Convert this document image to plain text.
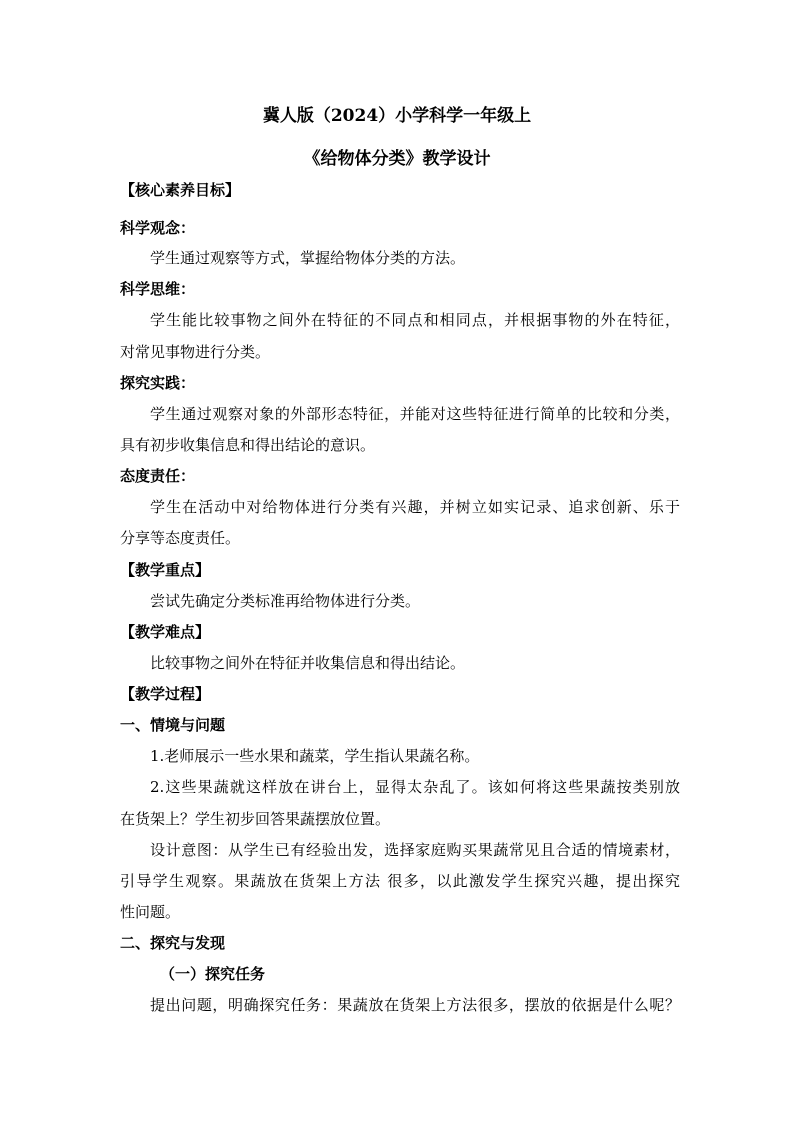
冀人版（2024）小学科学一年级上
《给物体分类》教学设计
【核心素养目标】
科学观念：
学生通过观察等方式，掌握给物体分类的方法。
科学思维：
学生能比较事物之间外在特征的不同点和相同点，并根据事物的外在特征，
对常见事物进行分类。
探究实践：
学生通过观察对象的外部形态特征，并能对这些特征进行简单的比较和分类，
具有初步收集信息和得出结论的意识。
态度责任：
学生在活动中对给物体进行分类有兴趣，并树立如实记录、追求创新、乐于
分享等态度责任。
【教学重点】
尝试先确定分类标准再给物体进行分类。
【教学难点】
比较事物之间外在特征并收集信息和得出结论。
【教学过程】
一、情境与问题
1.老师展示一些水果和蔬菜，学生指认果蔬名称。
2.这些果蔬就这样放在讲台上，显得太杂乱了。该如何将这些果蔬按类别放
在货架上？学生初步回答果蔬摆放位置。
设计意图：从学生已有经验出发，选择家庭购买果蔬常见且合适的情境素材，
引导学生观察。果蔬放在货架上方法 很多，以此激发学生探究兴趣，提出探究
性问题。
二、探究与发现
（一）探究任务
提出问题，明确探究任务：果蔬放在货架上方法很多，摆放的依据是什么呢？
